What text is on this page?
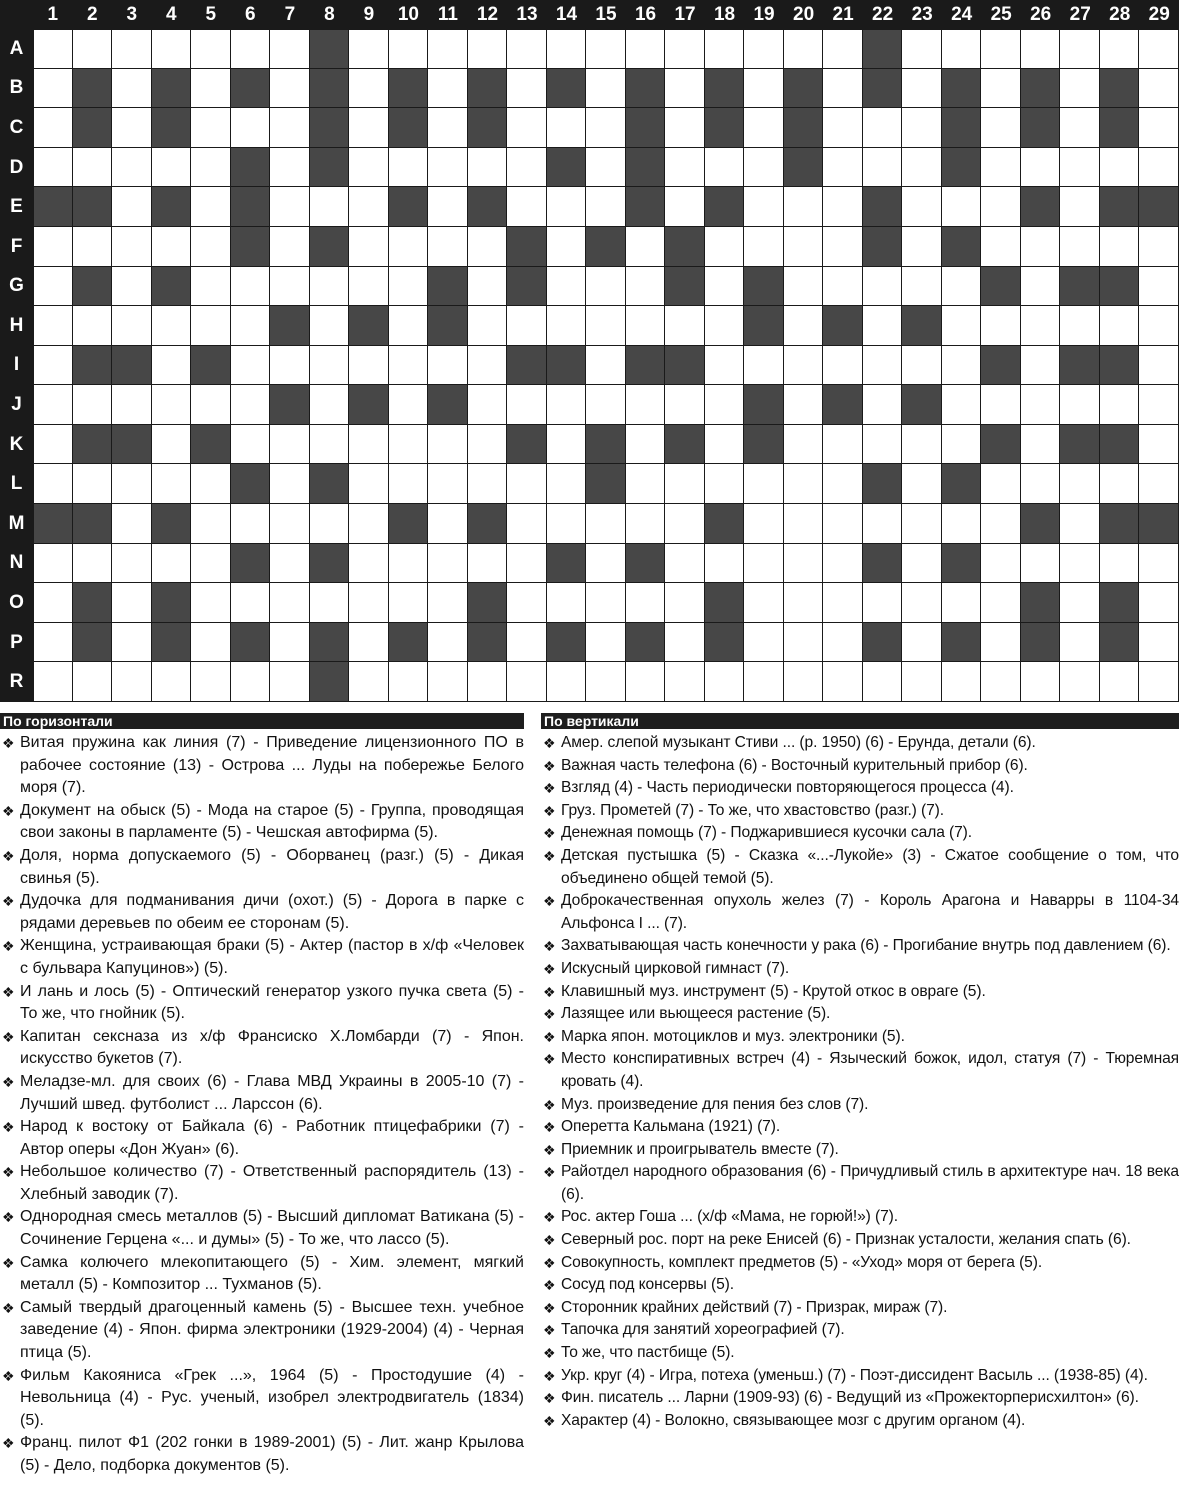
1	2	3	4	5	6	7	8	9	10 11 12 13 14 15 16 17 18 19 20 21 22 23 24 25 26 27 28 29
A
B
C
D
E
F
G
H
I
J
K
L
M
N
O
P
R
По горизонтали
❖ Витая пружина как линия (7) - Приведение лицензионного ПО в рабочее состояние (13) - Острова ... Луды на побережье Белого моря (7).
❖ Документ на обыск (5) - Мода на старое (5) - Группа, проводящая свои законы в парламенте (5) - Чешская автофирма (5).
❖ Доля, норма допускаемого (5) - Оборванец (разг.) (5) - Дикая свинья (5).
❖ Дудочка для подманивания дичи (охот.) (5) - Дорога в парке с рядами деревьев по обеим ее сторонам (5).
❖ Женщина, устраивающая браки (5) - Актер (пастор в х/ф «Человек с бульвара Капуцинов») (5).
❖ И лань и лось (5) - Оптический генератор узкого пучка света (5) - То же, что гнойник (5).
❖ Капитан сексназа из х/ф Франсиско Х.Ломбарди (7) - Япон. искусство букетов (7).
❖ Меладзе-мл. для своих (6) - Глава МВД Украины в 2005-10 (7) - Лучший швед. футболист ... Ларссон (6).
❖ Народ к востоку от Байкала (6) - Работник птицефабрики (7) - Автор оперы «Дон Жуан» (6).
❖ Небольшое количество (7) - Ответственный распорядитель (13) - Хлебный заводик (7).
❖ Однородная смесь металлов (5) - Высший дипломат Ватикана (5) - Сочинение Герцена «... и думы» (5) - То же, что лассо (5).
❖ Самка колючего млекопитающего (5) - Хим. элемент, мягкий металл (5) - Композитор ... Тухманов (5).
❖ Самый твердый драгоценный камень (5) - Высшее техн. учебное заведение (4) - Япон. фирма электроники (1929-2004) (4) - Черная птица (5).
❖ Фильм Какояниса «Грек ...», 1964 (5) - Простодушие (4) - Невольница (4) - Рус. ученый, изобрел электродвигатель (1834) (5).
❖ Франц. пилот Ф1 (202 гонки в 1989-2001) (5) - Лит. жанр Крылова (5) - Дело, подборка документов (5).
По вертикали
❖ Амер. слепой музыкант Стиви ... (р. 1950) (6) - Ерунда, детали (6).
❖ Важная часть телефона (6) - Восточный курительный прибор (6).
❖ Взгляд (4) - Часть периодически повторяющегося процесса (4).
❖ Груз. Прометей (7) - То же, что хвастовство (разг.) (7).
❖ Денежная помощь (7) - Поджарившиеся кусочки сала (7).
❖ Детская пустышка (5) - Сказка «...-Лукойе» (3) - Сжатое сообщение о том, что объединено общей темой (5).
❖ Доброкачественная опухоль желез (7) - Король Арагона и Наварры в 1104-34 Альфонса I ... (7).
❖ Захватывающая часть конечности у рака (6) - Прогибание внутрь под давлением (6).
❖ Искусный цирковой гимнаст (7).
❖ Клавишный муз. инструмент (5) - Крутой откос в овраге (5).
❖ Лазящее или вьющееся растение (5).
❖ Марка япон. мотоциклов и муз. электроники (5).
❖ Место конспиративных встреч (4) - Языческий божок, идол, статуя (7) - Тюремная кровать (4).
❖ Муз. произведение для пения без слов (7).
❖ Оперетта Кальмана (1921) (7).
❖ Приемник и проигрыватель вместе (7).
❖ Райотдел народного образования (6) - Причудливый стиль в архитектуре нач. 18 века (6).
❖ Рос. актер Гоша ... (х/ф «Мама, не горюй!») (7).
❖ Северный рос. порт на реке Енисей (6) - Признак усталости, желания спать (6).
❖ Совокупность, комплект предметов (5) - «Уход» моря от берега (5).
❖ Сосуд под консервы (5).
❖ Сторонник крайних действий (7) - Призрак, мираж (7).
❖ Тапочка для занятий хореографией (7).
❖ То же, что пастбище (5).
❖ Укр. круг (4) - Игра, потеха (уменьш.) (7) - Поэт-диссидент Васыль ... (1938-85) (4).
❖ Фин. писатель ... Ларни (1909-93) (6) - Ведущий из «Прожекторперисхилтон» (6).
❖ Характер (4) - Волокно, связывающее мозг с другим органом (4).
